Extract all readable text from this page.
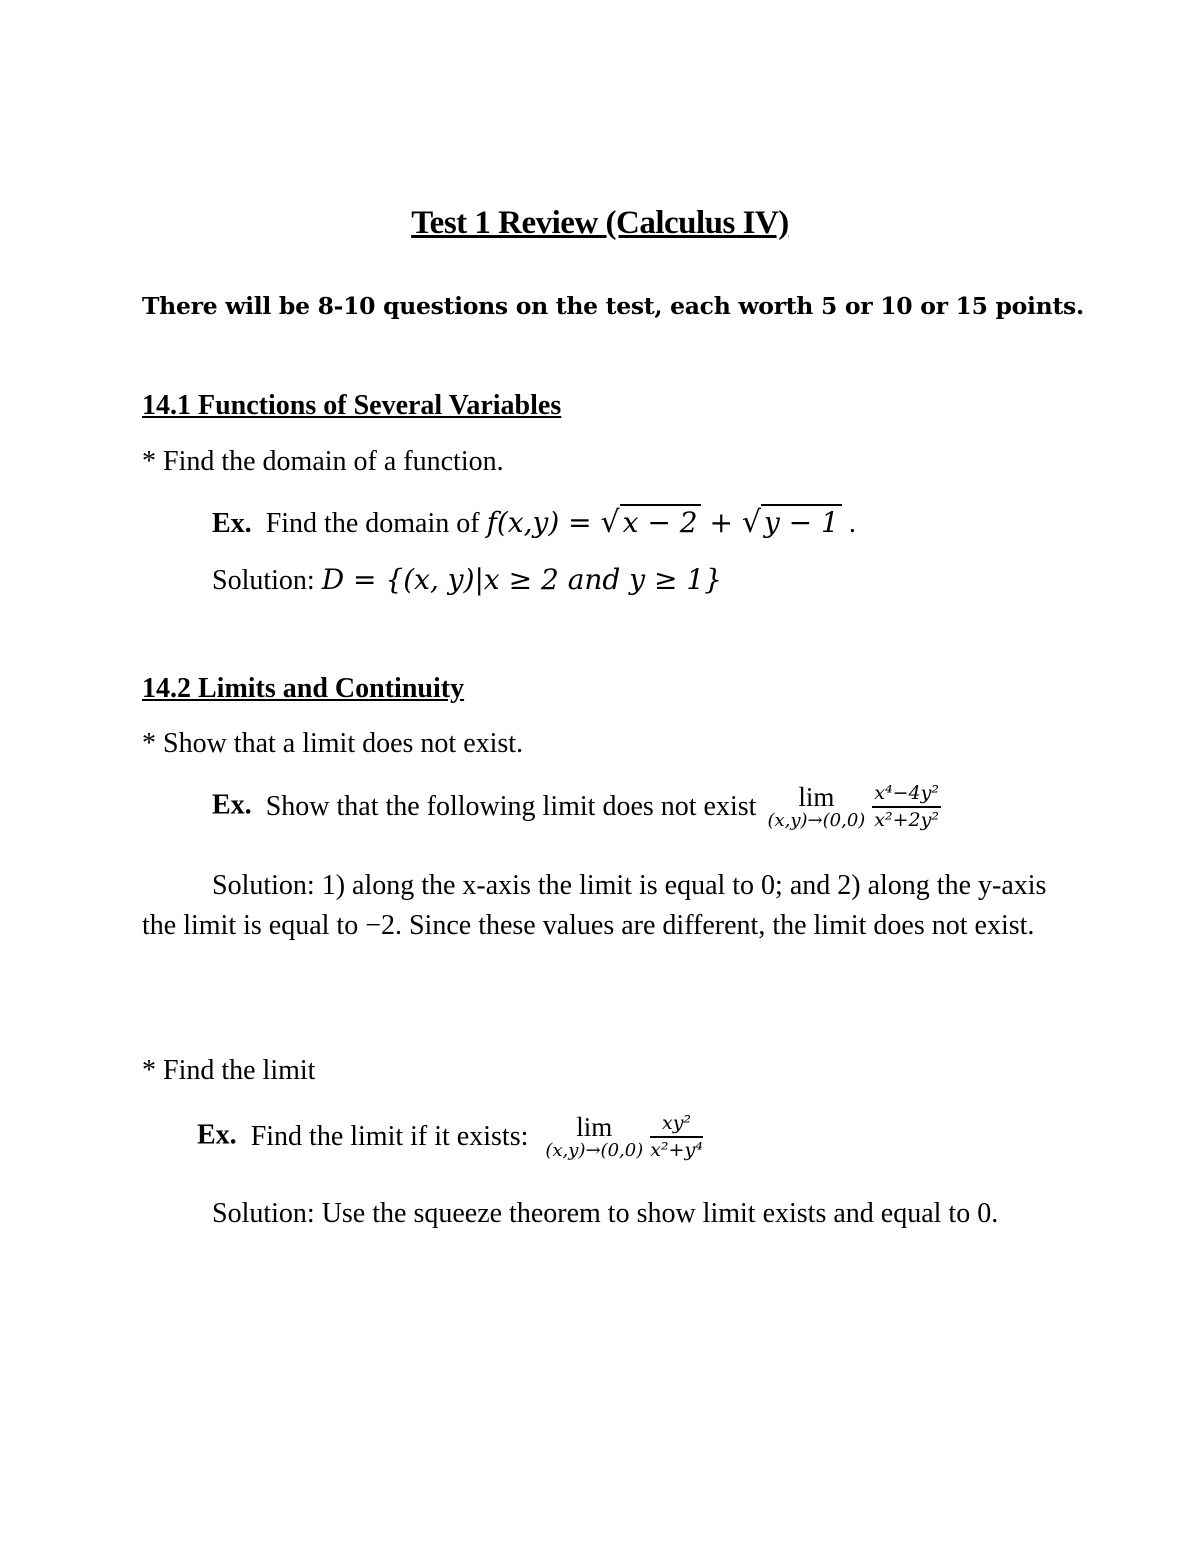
Test 1 Review (Calculus IV)
There will be 8-10 questions on the test, each worth 5 or 10 or 15 points.
14.1 Functions of Several Variables
* Find the domain of a function.
Ex. Find the domain of f(x,y) = √ x − 2 + √ y − 1 .
Solution: D = {(x, y)|x ≥ 2 and y ≥ 1}
14.2 Limits and Continuity
* Show that a limit does not exist.
Ex. Show that the following limit does not exist	lim
(x,y)→(0,0)
$\frac{\text{x⁴−4y²}}{\text{x²+2y²}}$
Solution: 1) along the x-axis the limit is equal to 0; and 2) along the y-axis the limit is equal to −2. Since these values are different, the limit does not exist.
* Find the limit
Ex. Find the limit if it exists:	lim
(x,y)→(0,0)
$\frac{\text{xy²}}{\text{x²+y⁴}}$
Solution: Use the squeeze theorem to show limit exists and equal to 0.
